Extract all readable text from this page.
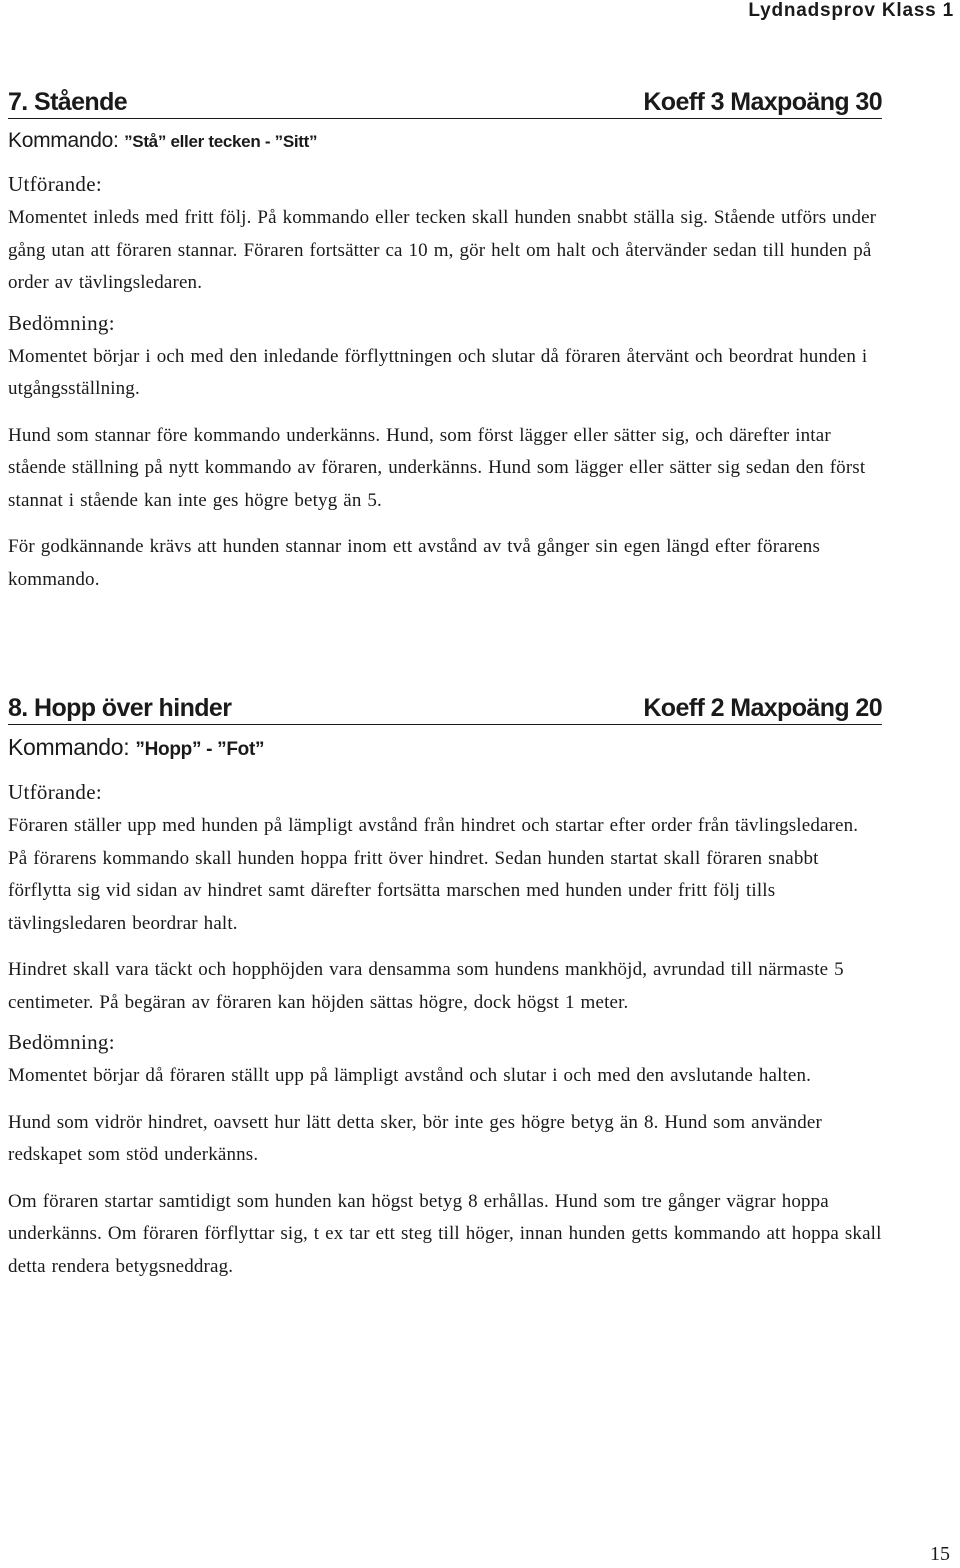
Lydnadsprov Klass 1
7. Stående	Koeff 3 Maxpoäng 30
Kommando: ”Stå” eller tecken - ”Sitt”
Utförande:

Momentet inleds med fritt följ. På kommando eller tecken skall hunden snabbt ställa sig. Stående utförs under gång utan att föraren stannar. Föraren fortsätter ca 10 m, gör helt om halt och återvänder sedan till hunden på order av tävlingsledaren.

Bedömning:

Momentet börjar i och med den inledande förflyttningen och slutar då föraren återvänt och beordrat hunden i utgångsställning.

Hund som stannar före kommando underkänns. Hund, som först lägger eller sätter sig, och därefter intar stående ställning på nytt kommando av föraren, underkänns. Hund som lägger eller sätter sig sedan den först stannat i stående kan inte ges högre betyg än 5.

För godkännande krävs att hunden stannar inom ett avstånd av två gånger sin egen längd efter förarens kommando.

8. Hopp över hinder	Koeff 2 Maxpoäng 20
Kommando: ”Hopp” - ”Fot”
Utförande:

Föraren ställer upp med hunden på lämpligt avstånd från hindret och startar efter order från tävlingsledaren. På förarens kommando skall hunden hoppa fritt över hindret. Sedan hunden startat skall föraren snabbt förflytta sig vid sidan av hindret samt därefter fortsätta marschen med hunden under fritt följ tills tävlingsledaren beordrar halt.

Hindret skall vara täckt och hopphöjden vara densamma som hundens mankhöjd, avrundad till närmaste 5 centimeter. På begäran av föraren kan höjden sättas högre, dock högst 1 meter.

Bedömning:

Momentet börjar då föraren ställt upp på lämpligt avstånd och slutar i och med den avslutande halten.

Hund som vidrör hindret, oavsett hur lätt detta sker, bör inte ges högre betyg än 8. Hund som använder redskapet som stöd underkänns.

Om föraren startar samtidigt som hunden kan högst betyg 8 erhållas. Hund som tre gånger vägrar hoppa underkänns. Om föraren förflyttar sig, t ex tar ett steg till höger, innan hunden getts kommando att hoppa skall detta rendera betygsneddrag.

15
